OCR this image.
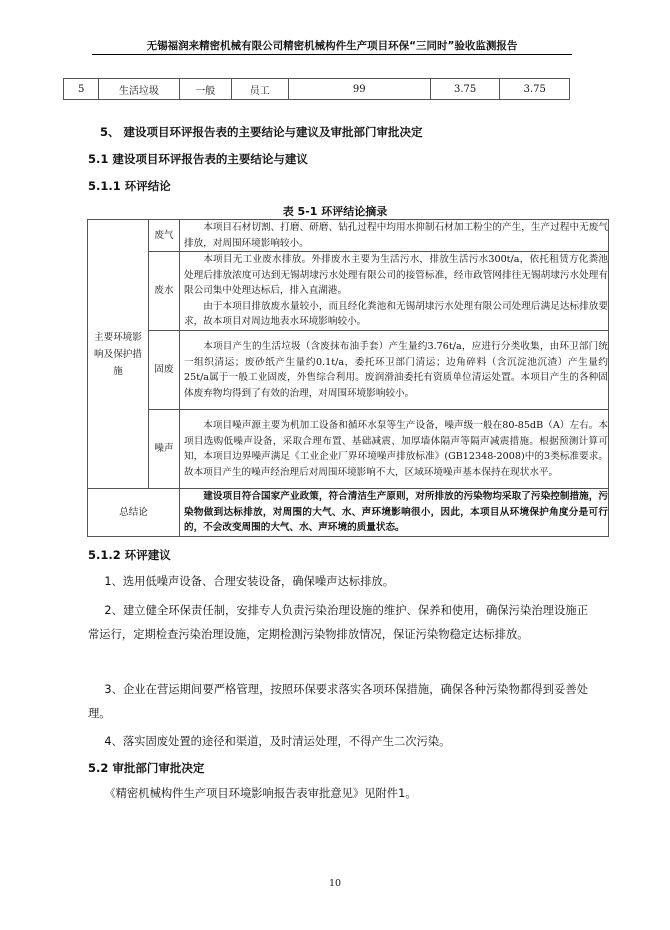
无锡福润来精密机械有限公司精密机械构件生产项目环保“三同时”验收监测报告
5	生活垃圾	一般	员工	99	3.75	3.75
5、 建设项目环评报告表的主要结论与建议及审批部门审批决定
5.1 建设项目环评报告表的主要结论与建议
5.1.1 环评结论
表 5-1 环评结论摘录
主要环境影响及保护措施	废气	本项目石材切割、打磨、研磨、钻孔过程中均用水抑制石材加工粉尘的产生，生产过程中无废气排放，对周围环境影响较小。

	废水	本项目无工业废水排放。外排废水主要为生活污水，排放生活污水300t/a，依托租赁方化粪池处理后排放浓度可达到无锡胡埭污水处理有限公司的接管标准，经市政管网排往无锡胡埭污水处理有限公司集中处理达标后，排入直湖港。

由于本项目排放废水量较小，而且经化粪池和无锡胡埭污水处理有限公司处理后满足达标排放要求，故本项目对周边地表水环境影响较小。

	固废	本项目产生的生活垃圾（含废抹布油手套）产生量约3.76t/a，应进行分类收集，由环卫部门统一组织清运；废砂纸产生量约0.1t/a，委托环卫部门清运；边角碎料（含沉淀池沉渣）产生量约25t/a属于一般工业固废，外售综合利用。废润滑油委托有资质单位清运处置。本项目产生的各种固体废弃物均得到了有效的治理，对周围环境影响较小。

	噪声	本项目噪声源主要为机加工设备和循环水泵等生产设备，噪声级一般在80-85dB（A）左右。本项目选购低噪声设备，采取合理布置、基础减震、加厚墙体隔声等隔声减震措施。根据预测计算可知，本项目边界噪声满足《工业企业厂界环境噪声排放标准》(GB12348-2008)中的3类标准要求。故本项目产生的噪声经治理后对周围环境影响不大，区域环境噪声基本保持在现状水平。

总结论		建设项目符合国家产业政策，符合清洁生产原则，对所排放的污染物均采取了污染控制措施，污染物做到达标排放，对周围的大气、水、声环境影响很小，因此，本项目从环境保护角度分是可行的，不会改变周围的大气、水、声环境的质量状态。

5.1.2 环评建议
1、选用低噪声设备、合理安装设备，确保噪声达标排放。
2、建立健全环保责任制，安排专人负责污染治理设施的维护、保养和使用，确保污染治理设施正常运行，定期检查污染治理设施，定期检测污染物排放情况，保证污染物稳定达标排放。
3、企业在营运期间要严格管理，按照环保要求落实各项环保措施，确保各种污染物都得到妥善处理。
4、落实固废处置的途径和渠道，及时清运处理，不得产生二次污染。
5.2 审批部门审批决定
《精密机械构件生产项目环境影响报告表审批意见》见附件1。
10
